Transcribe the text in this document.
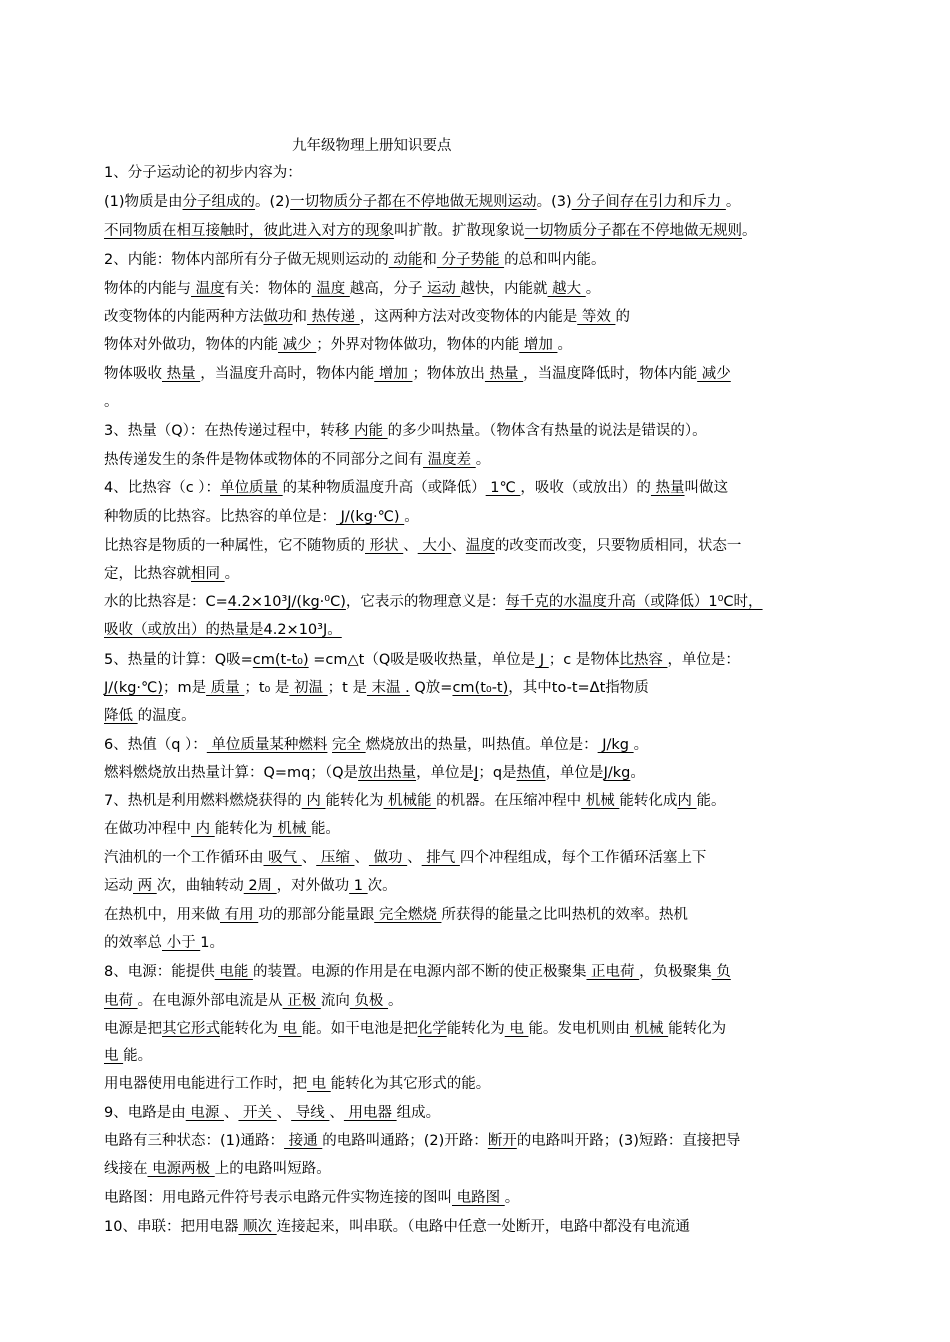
九年级物理上册知识要点
1、分子运动论的初步内容为：
(1)物质是由分子组成的。(2)一切物质分子都在不停地做无规则运动。(3) 分子间存在引力和斥力 。
不同物质在相互接触时，彼此进入对方的现象叫扩散。扩散现象说一切物质分子都在不停地做无规则。
2、内能：物体内部所有分子做无规则运动的 动能和 分子势能 的总和叫内能。
物体的内能与 温度有关：物体的 温度 越高，分子 运动 越快，内能就 越大 。
改变物体的内能两种方法做功和 热传递 ，这两种方法对改变物体的内能是 等效 的
物体对外做功，物体的内能 减少 ；外界对物体做功，物体的内能 增加 。
物体吸收 热量 ，当温度升高时，物体内能 增加 ；物体放出 热量 ，当温度降低时，物体内能 减少
。
3、热量（Q）：在热传递过程中，转移 内能 的多少叫热量。（物体含有热量的说法是错误的）。
热传递发生的条件是物体或物体的不同部分之间有 温度差 。
4、比热容（c ）：单位质量 的某种物质温度升高（或降低） 1℃ ，吸收（或放出）的 热量叫做这
种物质的比热容。比热容的单位是： J/(kg·℃) 。
比热容是物质的一种属性，它不随物质的 形状 、 大小、温度的改变而改变，只要物质相同，状态一
定，比热容就相同 。
水的比热容是：C=4.2×10³J/(kg·⁰C)，它表示的物理意义是：每千克的水温度升高（或降低）1⁰C时，
吸收（或放出）的热量是4.2×10³J。
5、热量的计算：Q吸=cm(t-t₀) =cm△t（Q吸是吸收热量，单位是 J ；c 是物体比热容 ，单位是：
J/(kg·℃)；m是 质量 ；t₀ 是 初温 ；t 是 末温 . Q放=cm(t₀-t)，其中to-t=Δt指物质
降低 的温度。
6、热值（q ）： 单位质量某种燃料 完全 燃烧放出的热量，叫热值。单位是： J/kg 。
燃料燃烧放出热量计算：Q=mq；（Q是放出热量，单位是J；q是热值，单位是J/kg。
7、热机是利用燃料燃烧获得的 内 能转化为 机械能 的机器。在压缩冲程中 机械 能转化成内 能。
在做功冲程中 内 能转化为 机械 能。
汽油机的一个工作循环由 吸气 、 压缩 、 做功 、 排气 四个冲程组成，每个工作循环活塞上下
运动 两 次，曲轴转动 2周 ，对外做功 1 次。
在热机中，用来做 有用 功的那部分能量跟 完全燃烧 所获得的能量之比叫热机的效率。热机
的效率总 小于 1。
8、电源：能提供 电能 的装置。电源的作用是在电源内部不断的使正极聚集 正电荷 ，负极聚集 负
电荷 。在电源外部电流是从 正极 流向 负极 。
电源是把其它形式能转化为 电 能。如干电池是把化学能转化为 电 能。发电机则由 机械 能转化为
电 能。
用电器使用电能进行工作时，把 电 能转化为其它形式的能。
9、电路是由 电源 、 开关 、 导线 、 用电器 组成。
电路有三种状态：(1)通路： 接通 的电路叫通路；(2)开路：断开的电路叫开路；(3)短路：直接把导
线接在 电源两极 上的电路叫短路。
电路图：用电路元件符号表示电路元件实物连接的图叫 电路图 。
10、串联：把用电器 顺次 连接起来，叫串联。（电路中任意一处断开，电路中都没有电流通
